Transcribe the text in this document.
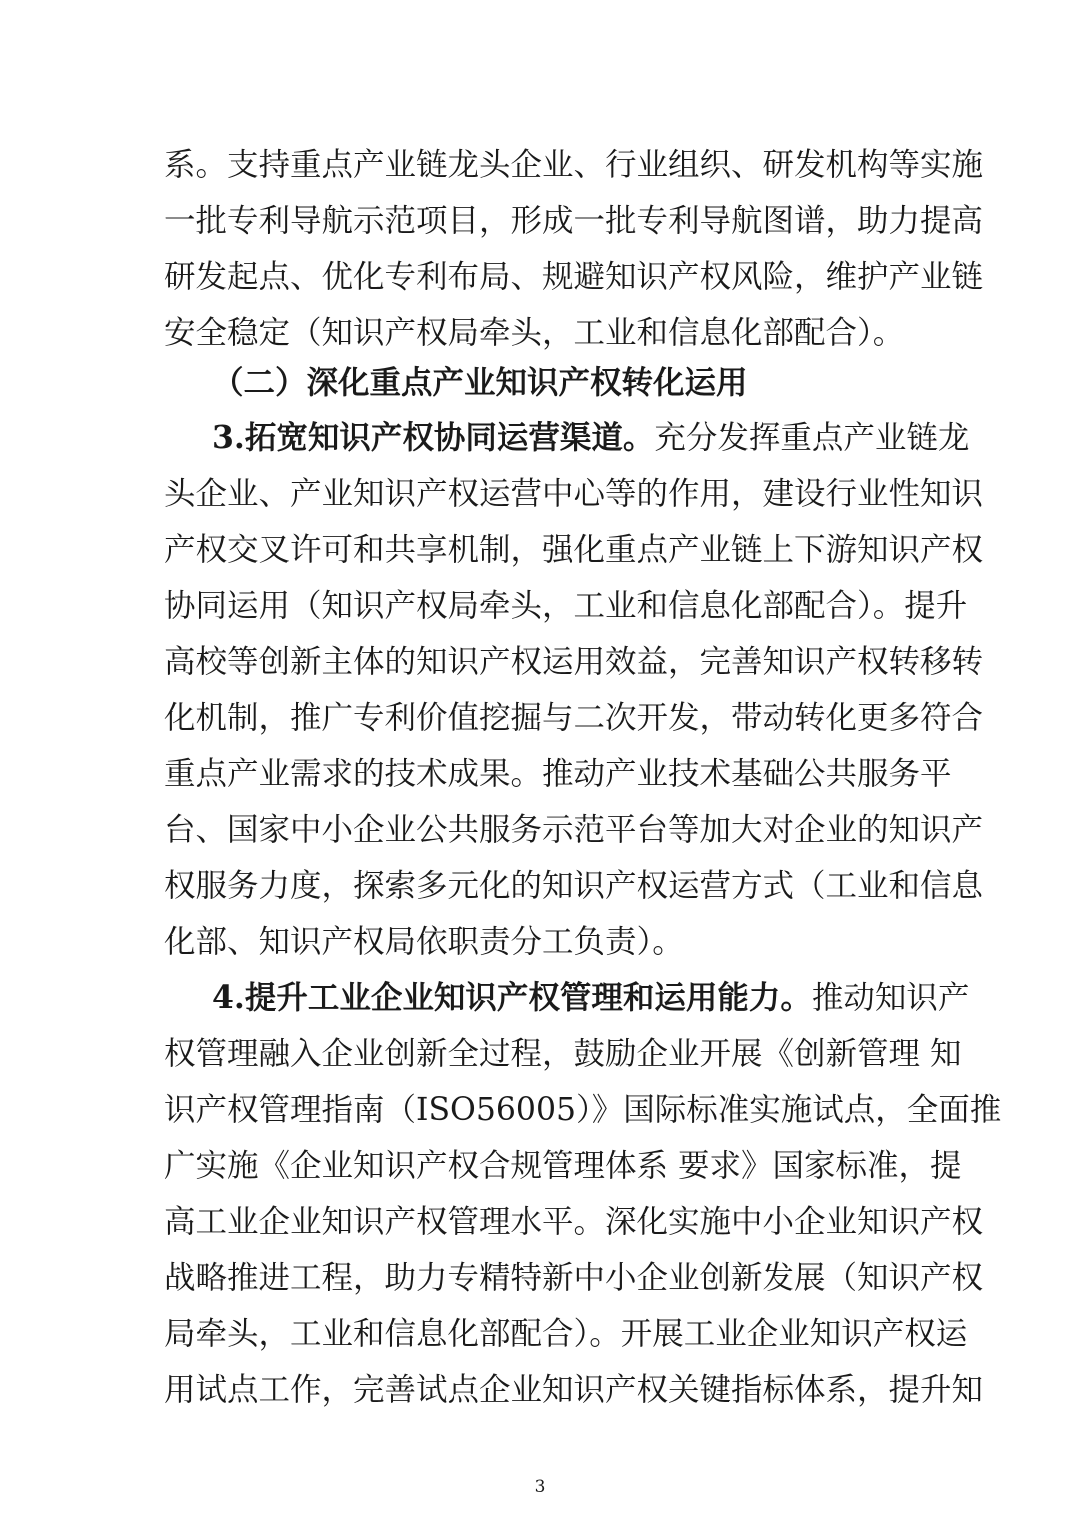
系。支持重点产业链龙头企业、行业组织、研发机构等实施
一批专利导航示范项目，形成一批专利导航图谱，助力提高
研发起点、优化专利布局、规避知识产权风险，维护产业链
安全稳定（知识产权局牵头，工业和信息化部配合）。
（二）深化重点产业知识产权转化运用
3.拓宽知识产权协同运营渠道。充分发挥重点产业链龙
头企业、产业知识产权运营中心等的作用，建设行业性知识
产权交叉许可和共享机制，强化重点产业链上下游知识产权
协同运用（知识产权局牵头，工业和信息化部配合）。提升
高校等创新主体的知识产权运用效益，完善知识产权转移转
化机制，推广专利价值挖掘与二次开发，带动转化更多符合
重点产业需求的技术成果。推动产业技术基础公共服务平
台、国家中小企业公共服务示范平台等加大对企业的知识产
权服务力度，探索多元化的知识产权运营方式（工业和信息
化部、知识产权局依职责分工负责）。
4.提升工业企业知识产权管理和运用能力。推动知识产
权管理融入企业创新全过程，鼓励企业开展《创新管理 知
识产权管理指南（ISO56005）》国际标准实施试点，全面推
广实施《企业知识产权合规管理体系 要求》国家标准，提
高工业企业知识产权管理水平。深化实施中小企业知识产权
战略推进工程，助力专精特新中小企业创新发展（知识产权
局牵头，工业和信息化部配合）。开展工业企业知识产权运
用试点工作，完善试点企业知识产权关键指标体系，提升知
3
